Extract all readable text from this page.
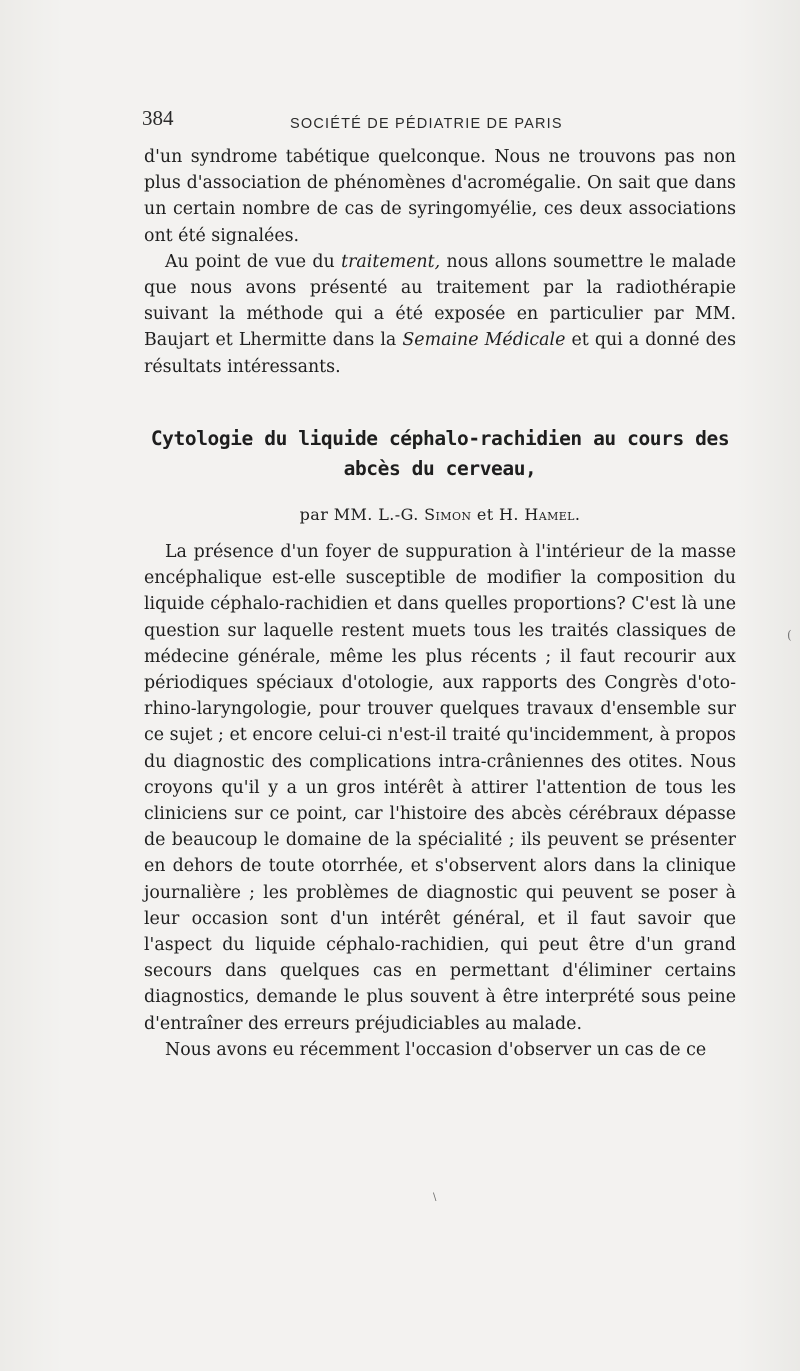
384	SOCIÉTÉ DE PÉDIATRIE DE PARIS

d'un syndrome tabétique quelconque. Nous ne trouvons pas non plus d'association de phénomènes d'acromégalie. On sait que dans un certain nombre de cas de syringomyélie, ces deux associations ont été signalées.

Au point de vue du traitement, nous allons soumettre le malade que nous avons présenté au traitement par la radiothérapie suivant la méthode qui a été exposée en particulier par MM. Baujart et Lhermitte dans la Semaine Médicale et qui a donné des résultats intéressants.

Cytologie du liquide céphalo-rachidien au cours des
abcès du cerveau,
par MM. L.-G. Simon et H. Hamel.

La présence d'un foyer de suppuration à l'intérieur de la masse encéphalique est-elle susceptible de modifier la composition du liquide céphalo-rachidien et dans quelles proportions? C'est là une question sur laquelle restent muets tous les traités classiques de médecine générale, même les plus récents ; il faut recourir aux périodiques spéciaux d'otologie, aux rapports des Congrès d'oto-rhino-laryngologie, pour trouver quelques travaux d'ensemble sur ce sujet ; et encore celui-ci n'est-il traité qu'incidemment, à propos du diagnostic des complications intra-crâniennes des otites. Nous croyons qu'il y a un gros intérêt à attirer l'attention de tous les cliniciens sur ce point, car l'histoire des abcès cérébraux dépasse de beaucoup le domaine de la spécialité ; ils peuvent se présenter en dehors de toute otorrhée, et s'observent alors dans la clinique journalière ; les problèmes de diagnostic qui peuvent se poser à leur occasion sont d'un intérêt général, et il faut savoir que l'aspect du liquide céphalo-rachidien, qui peut être d'un grand secours dans quelques cas en permettant d'éliminer certains diagnostics, demande le plus souvent à être interprété sous peine d'entraîner des erreurs préjudiciables au malade.

Nous avons eu récemment l'occasion d'observer un cas de ce

(
\
